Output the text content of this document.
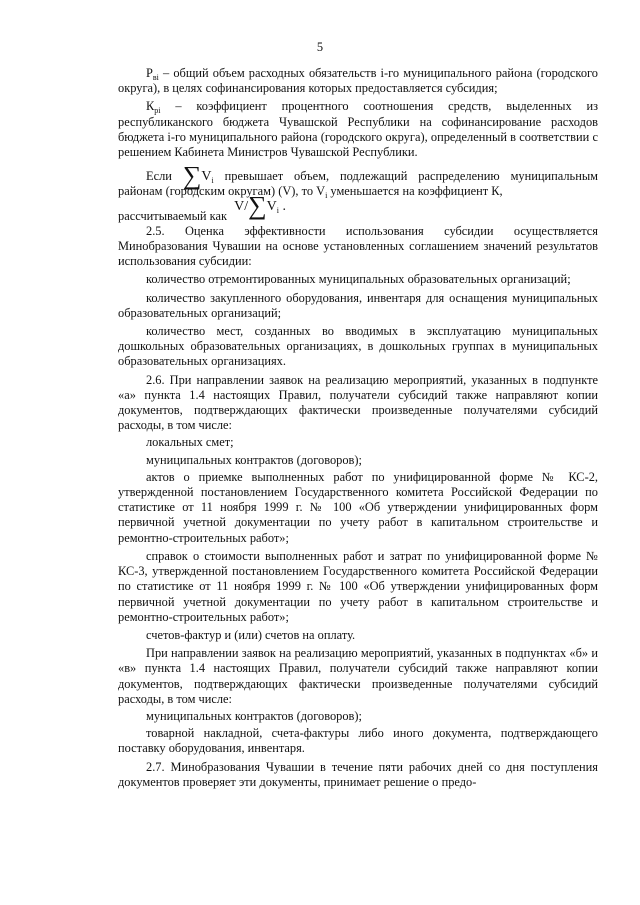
5

$Р_{вi}$ – общий объем расходных обязательств i-го муниципального района (городского округа), в целях софинансирования которых предоставляется субсидия;

$К_{рi}$ – коэффициент процентного соотношения средств, выделенных из республиканского бюджета Чувашской Республики на софинансирование расходов бюджета i-го муниципального района (городского округа), определенный в соответствии с решением Кабинета Министров Чувашской Республики.

Если $\sum V_i$ превышает объем, подлежащий распределению муниципальным районам (городским округам) (V), то $V_i$ уменьшается на коэффициент К,

рассчитываемый как $V/\sum V_i$ .

2.5. Оценка эффективности использования субсидии осуществляется Минобразования Чувашии на основе установленных соглашением значений результатов использования субсидии:

количество отремонтированных муниципальных образовательных организаций;

количество закупленного оборудования, инвентаря для оснащения муниципальных образовательных организаций;

количество мест, созданных во вводимых в эксплуатацию муниципальных дошкольных образовательных организациях, в дошкольных группах в муниципальных образовательных организациях.

2.6. При направлении заявок на реализацию мероприятий, указанных в подпункте «а» пункта 1.4 настоящих Правил, получатели субсидий также направляют копии документов, подтверждающих фактически произведенные получателями субсидий расходы, в том числе:

локальных смет;

муниципальных контрактов (договоров);

актов о приемке выполненных работ по унифицированной форме № КС-2, утвержденной постановлением Государственного комитета Российской Федерации по статистике от 11 ноября 1999 г. № 100 «Об утверждении унифицированных форм первичной учетной документации по учету работ в капитальном строительстве и ремонтно-строительных работ»;

справок о стоимости выполненных работ и затрат по унифицированной форме № КС-3, утвержденной постановлением Государственного комитета Российской Федерации по статистике от 11 ноября 1999 г. № 100 «Об утверждении унифицированных форм первичной учетной документации по учету работ в капитальном строительстве и ремонтно-строительных работ»;

счетов-фактур и (или) счетов на оплату.

При направлении заявок на реализацию мероприятий, указанных в подпунктах «б» и «в» пункта 1.4 настоящих Правил, получатели субсидий также направляют копии документов, подтверждающих фактически произведенные получателями субсидий расходы, в том числе:

муниципальных контрактов (договоров);

товарной накладной, счета-фактуры либо иного документа, подтверждающего поставку оборудования, инвентаря.

2.7. Минобразования Чувашии в течение пяти рабочих дней со дня поступления документов проверяет эти документы, принимает решение о предо-
